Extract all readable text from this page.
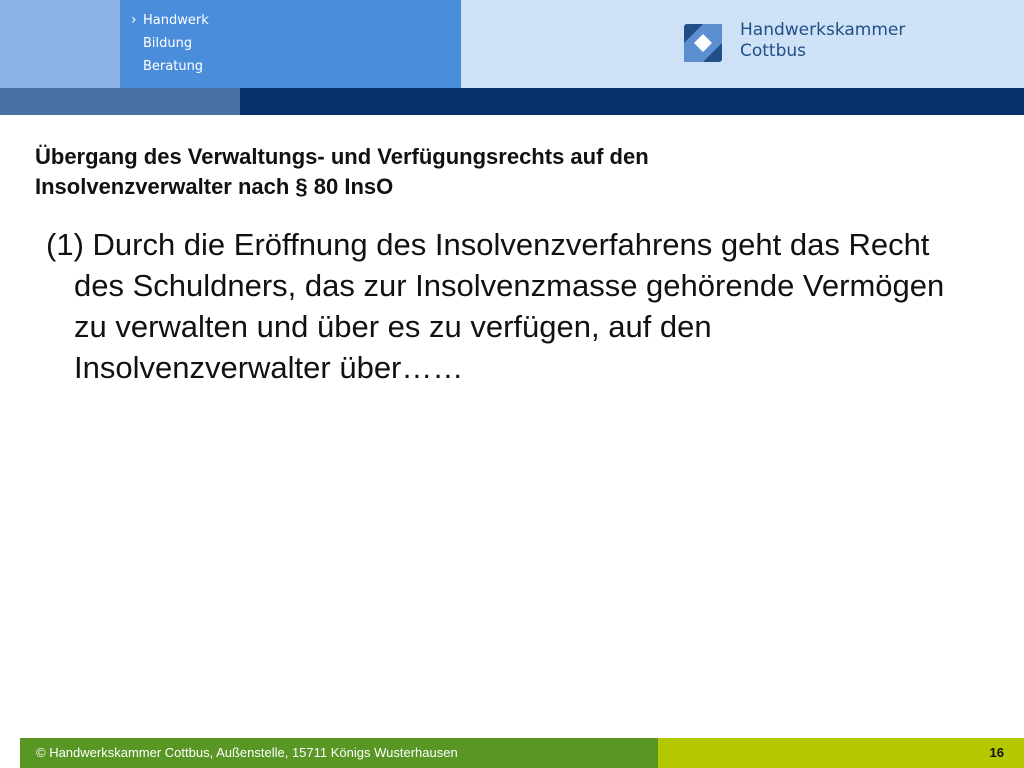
› Handwerk
Bildung
Beratung
Handwerkskammer
Cottbus
Übergang des Verwaltungs- und Verfügungsrechts auf den
Insolvenzverwalter nach § 80 InsO

(1) Durch die Eröffnung des Insolvenzverfahrens geht das Recht des Schuldners, das zur Insolvenzmasse gehörende Vermögen zu verwalten und über es zu verfügen, auf den Insolvenzverwalter über……

© Handwerkskammer Cottbus, Außenstelle, 15711 Königs Wusterhausen	16
